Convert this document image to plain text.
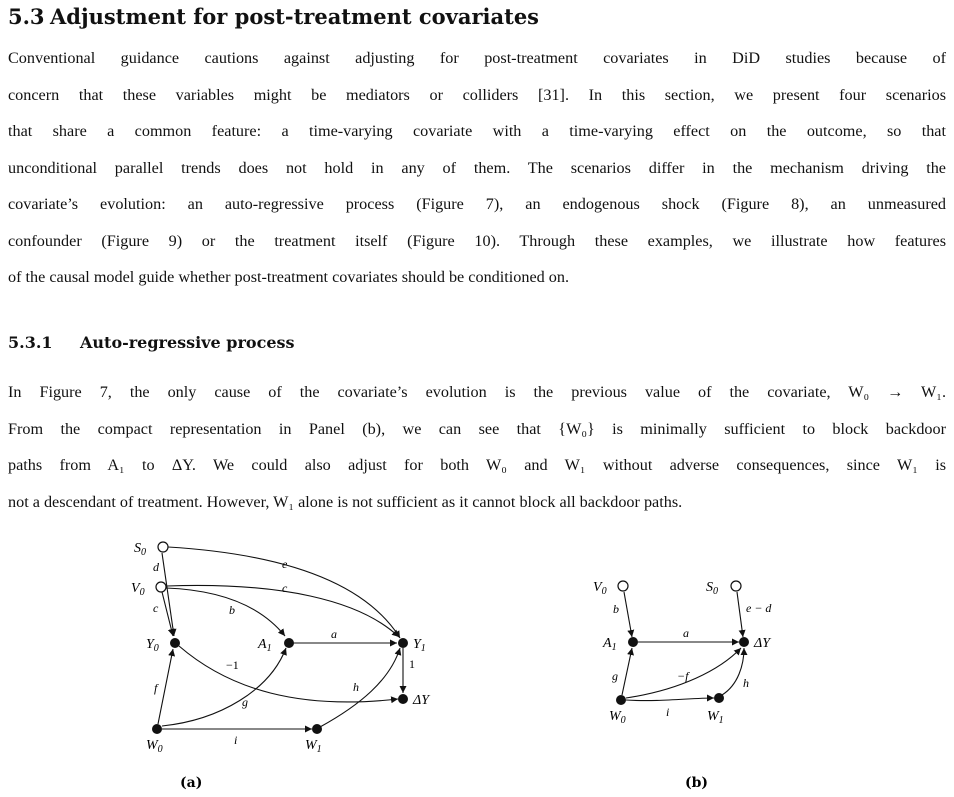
5.3 Adjustment for post-treatment covariates

Conventional guidance cautions against adjusting for post-treatment covariates in DiD studies because of
concern that these variables might be mediators or colliders [31]. In this section, we present four scenarios
that share a common feature: a time-varying covariate with a time-varying effect on the outcome, so that
unconditional parallel trends does not hold in any of them. The scenarios differ in the mechanism driving the
covariate’s evolution: an auto-regressive process (Figure 7), an endogenous shock (Figure 8), an unmeasured
confounder (Figure 9) or the treatment itself (Figure 10). Through these examples, we illustrate how features
of the causal model guide whether post-treatment covariates should be conditioned on.

5.3.1 Auto-regressive process

In Figure 7, the only cause of the covariate’s evolution is the previous value of the covariate, W₀ → W₁.
From the compact representation in Panel (b), we can see that {W₀} is minimally sufficient to block backdoor
paths from A₁ to ΔY. We could also adjust for both W₀ and W₁ without adverse consequences, since W₁ is
not a descendant of treatment. However, W₁ alone is not sufficient as it cannot block all backdoor paths.

$S_0$
$V_0$
$Y_0$	$A_1$	$Y_1$
ΔY
$W_0$	$W_1$
e
d
c
c	b
a
−1	1
f
g
h
i
(a)
$V_0$	$S_0$
$A_1$	ΔY
$W_0$	$W_1$
b	e − d
a
−f
g
i
h
(b)
